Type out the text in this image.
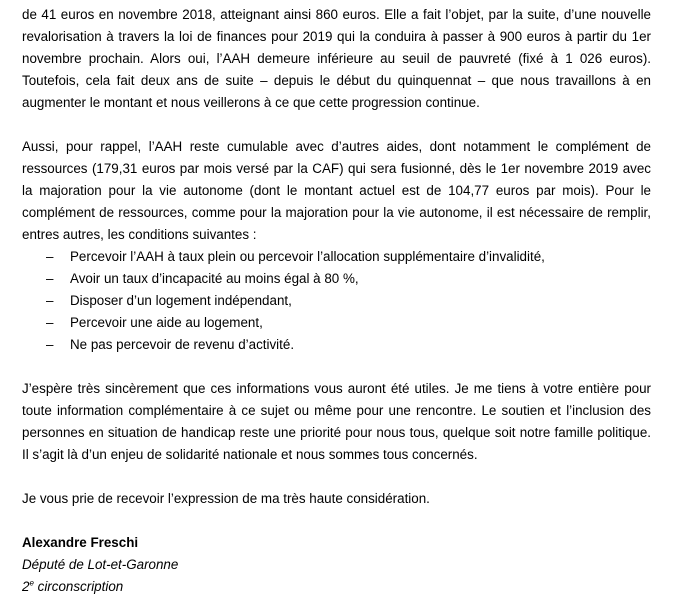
de 41 euros en novembre 2018, atteignant ainsi 860 euros. Elle a fait l’objet, par la suite, d’une nouvelle revalorisation à travers la loi de finances pour 2019 qui la conduira à passer à 900 euros à partir du 1er novembre prochain. Alors oui, l’AAH demeure inférieure au seuil de pauvreté (fixé à 1 026 euros). Toutefois, cela fait deux ans de suite – depuis le début du quinquennat – que nous travaillons à en augmenter le montant et nous veillerons à ce que cette progression continue.

Aussi, pour rappel, l’AAH reste cumulable avec d’autres aides, dont notamment le complément de ressources (179,31 euros par mois versé par la CAF) qui sera fusionné, dès le 1er novembre 2019 avec la majoration pour la vie autonome (dont le montant actuel est de 104,77 euros par mois). Pour le complément de ressources, comme pour la majoration pour la vie autonome, il est nécessaire de remplir, entres autres, les conditions suivantes :

– Percevoir l’AAH à taux plein ou percevoir l’allocation supplémentaire d’invalidité,
– Avoir un taux d’incapacité au moins égal à 80 %,
– Disposer d’un logement indépendant,
– Percevoir une aide au logement,
– Ne pas percevoir de revenu d’activité.

J’espère très sincèrement que ces informations vous auront été utiles. Je me tiens à votre entière pour toute information complémentaire à ce sujet ou même pour une rencontre. Le soutien et l’inclusion des personnes en situation de handicap reste une priorité pour nous tous, quelque soit notre famille politique. Il s’agit là d’un enjeu de solidarité nationale et nous sommes tous concernés.

Je vous prie de recevoir l’expression de ma très haute considération.

Alexandre Freschi
Député de Lot-et-Garonne
2e circonscription
